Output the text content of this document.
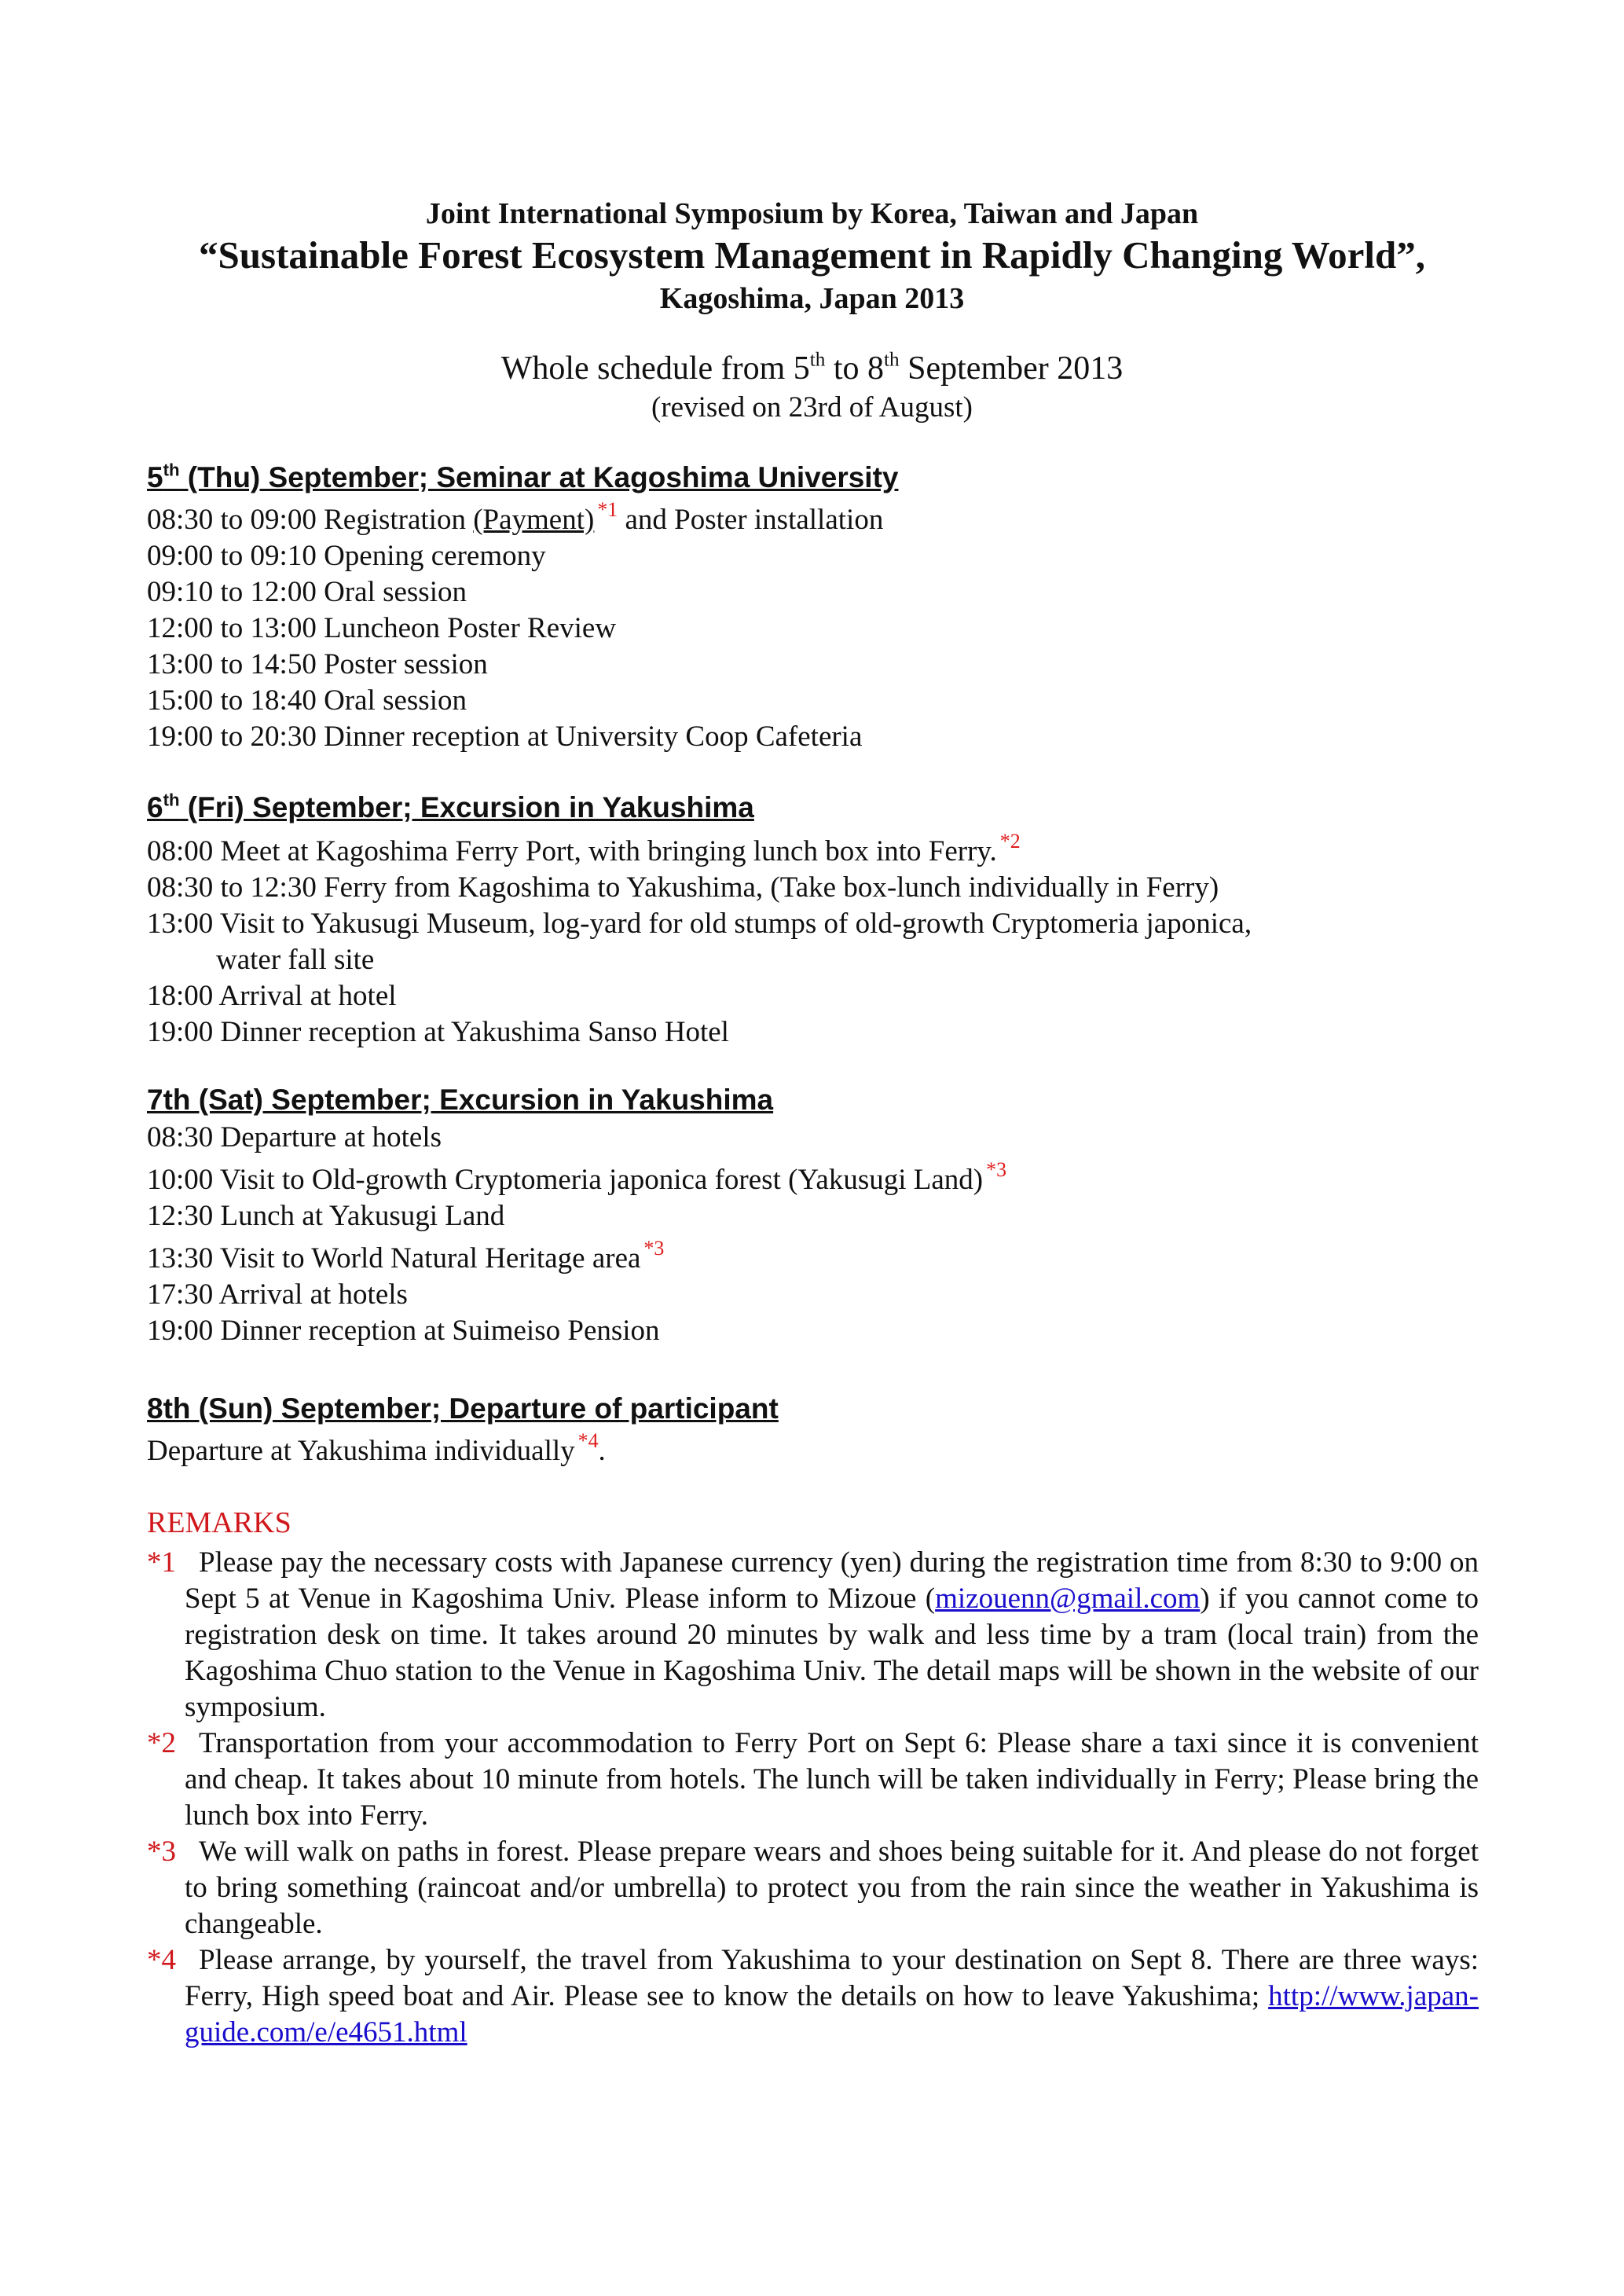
Joint International Symposium by Korea, Taiwan and Japan
“Sustainable Forest Ecosystem Management in Rapidly Changing World”,
Kagoshima, Japan 2013
Whole schedule from 5th to 8th September 2013
(revised on 23rd of August)
5th (Thu) September; Seminar at Kagoshima University
08:30 to 09:00 Registration (Payment) $^{*1}$ and Poster installation
09:00 to 09:10 Opening ceremony
09:10 to 12:00 Oral session
12:00 to 13:00 Luncheon Poster Review
13:00 to 14:50 Poster session
15:00 to 18:40 Oral session
19:00 to 20:30 Dinner reception at University Coop Cafeteria
6th (Fri) September; Excursion in Yakushima
08:00 Meet at Kagoshima Ferry Port, with bringing lunch box into Ferry. $^{*2}$
08:30 to 12:30 Ferry from Kagoshima to Yakushima, (Take box-lunch individually in Ferry)
13:00 Visit to Yakusugi Museum, log-yard for old stumps of old-growth Cryptomeria japonica,
water fall site
18:00 Arrival at hotel
19:00 Dinner reception at Yakushima Sanso Hotel
7th (Sat) September; Excursion in Yakushima
08:30 Departure at hotels
10:00 Visit to Old-growth Cryptomeria japonica forest (Yakusugi Land) $^{*3}$
12:30 Lunch at Yakusugi Land
13:30 Visit to World Natural Heritage area $^{*3}$
17:30 Arrival at hotels
19:00 Dinner reception at Suimeiso Pension
8th (Sun) September; Departure of participant
Departure at Yakushima individually $^{*4}$.
REMARKS
*1 Please pay the necessary costs with Japanese currency (yen) during the registration time from 8:30 to 9:00 on Sept 5 at Venue in Kagoshima Univ. Please inform to Mizoue (mizouenn@gmail.com) if you cannot come to registration desk on time. It takes around 20 minutes by walk and less time by a tram (local train) from the Kagoshima Chuo station to the Venue in Kagoshima Univ. The detail maps will be shown in the website of our symposium.
*2 Transportation from your accommodation to Ferry Port on Sept 6: Please share a taxi since it is convenient and cheap. It takes about 10 minute from hotels. The lunch will be taken individually in Ferry; Please bring the lunch box into Ferry.
*3 We will walk on paths in forest. Please prepare wears and shoes being suitable for it. And please do not forget to bring something (raincoat and/or umbrella) to protect you from the rain since the weather in Yakushima is changeable.
*4 Please arrange, by yourself, the travel from Yakushima to your destination on Sept 8. There are three ways: Ferry, High speed boat and Air. Please see to know the details on how to leave Yakushima; http://www.japan-guide.com/e/e4651.html
